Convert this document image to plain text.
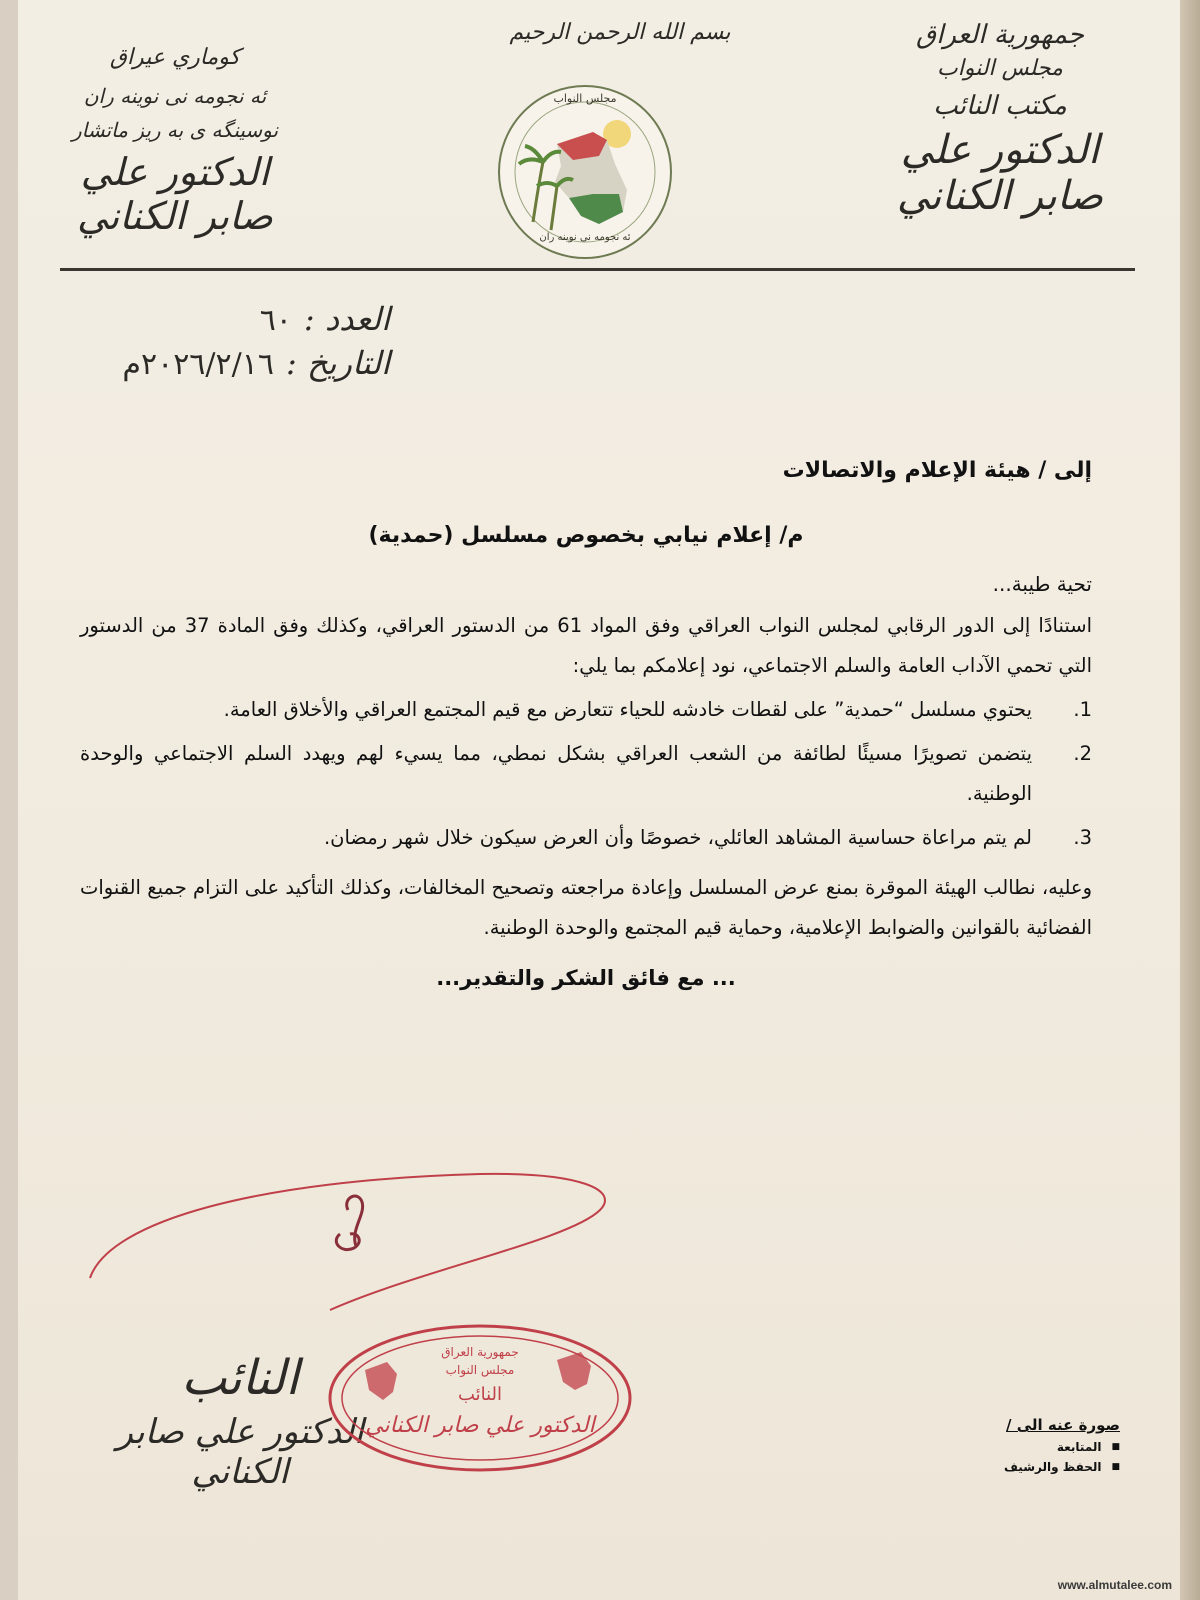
جمهورية العراق
مجلس النواب
مكتب النائب
الدكتور علي صابر الكناني
بسم الله الرحمن الرحيم
مجلس النواب
ئه نجومه نی نوینه ران
كوماري عيراق
ئه نجومه نی نوینه ران
نوسینگه ی به ریز ماتشار
الدكتور علي صابر الكناني
العدد :
٦٠
التاريخ :
٢٠٢٦/٢/١٦م
إلى / هيئة الإعلام والاتصالات
م/ إعلام نيابي بخصوص مسلسل (حمدية)
تحية طيبة...
استنادًا إلى الدور الرقابي لمجلس النواب العراقي وفق المواد 61 من الدستور العراقي، وكذلك وفق المادة 37 من الدستور التي تحمي الآداب العامة والسلم الاجتماعي، نود إعلامكم بما يلي:
1.
يحتوي مسلسل “حمدية” على لقطات خادشه للحياء تتعارض مع قيم المجتمع العراقي والأخلاق العامة.
2.
يتضمن تصويرًا مسيئًا لطائفة من الشعب العراقي بشكل نمطي، مما يسيء لهم ويهدد السلم الاجتماعي والوحدة الوطنية.
3.
لم يتم مراعاة حساسية المشاهد العائلي، خصوصًا وأن العرض سيكون خلال شهر رمضان.
وعليه، نطالب الهيئة الموقرة بمنع عرض المسلسل وإعادة مراجعته وتصحيح المخالفات، وكذلك التأكيد على التزام جميع القنوات الفضائية بالقوانين والضوابط الإعلامية، وحماية قيم المجتمع والوحدة الوطنية.
... مع فائق الشكر والتقدير...
النائب
الدكتور علي صابر الكناني
جمهورية العراق
مجلس النواب
النائب
الدكتور علي صابر الكناني	صورة عنه الى /
■
المتابعة
■
الحفظ والرشيف
www.almutalee.com
